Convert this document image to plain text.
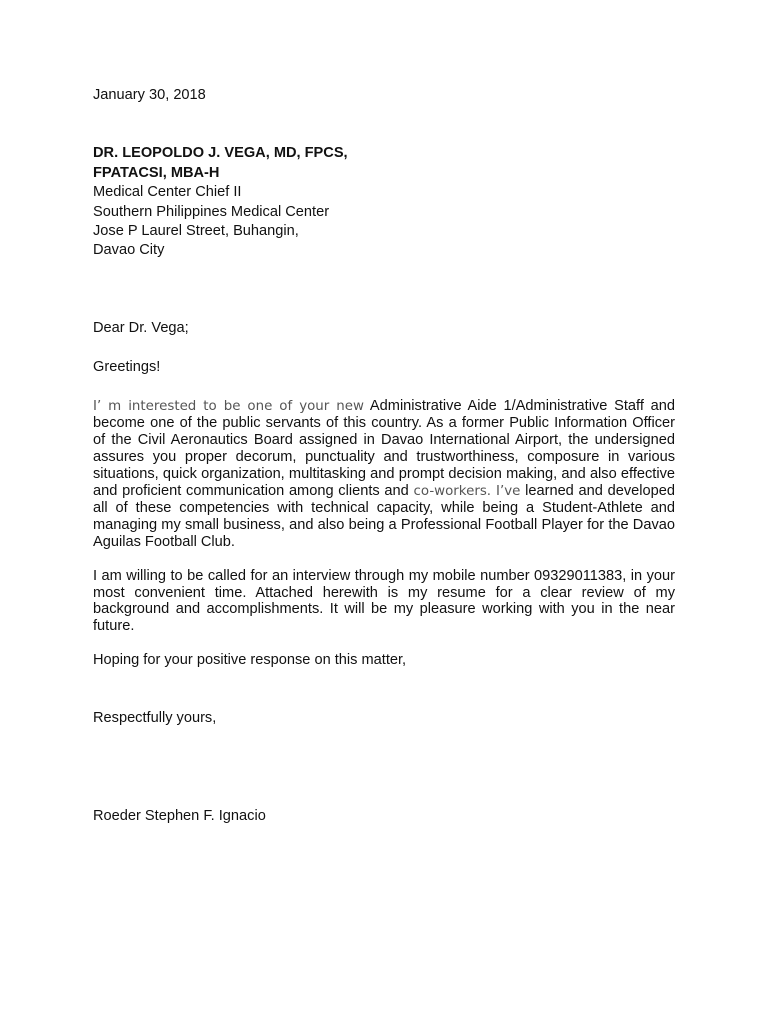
January 30, 2018

DR. LEOPOLDO J. VEGA, MD, FPCS,

FPATACSI, MBA-H

Medical Center Chief II

Southern Philippines Medical Center

Jose P Laurel Street, Buhangin,

Davao City

Dear Dr. Vega;

Greetings!

I’ m interested to be one of your new Administrative Aide 1/Administrative Staff and become one of the public servants of this country. As a former Public Information Officer of the Civil Aeronautics Board assigned in Davao International Airport, the undersigned assures you proper decorum, punctuality and trustworthiness, composure in various situations, quick organization, multitasking and prompt decision making, and also effective and proficient communication among clients and co-workers. I’ve learned and developed all of these competencies with technical capacity, while being a Student-Athlete and managing my small business, and also being a Professional Football Player for the Davao Aguilas Football Club.

I am willing to be called for an interview through my mobile number 09329011383, in your most convenient time. Attached herewith is my resume for a clear review of my background and accomplishments. It will be my pleasure working with you in the near future.

Hoping for your positive response on this matter,

Respectfully yours,

Roeder Stephen F. Ignacio
